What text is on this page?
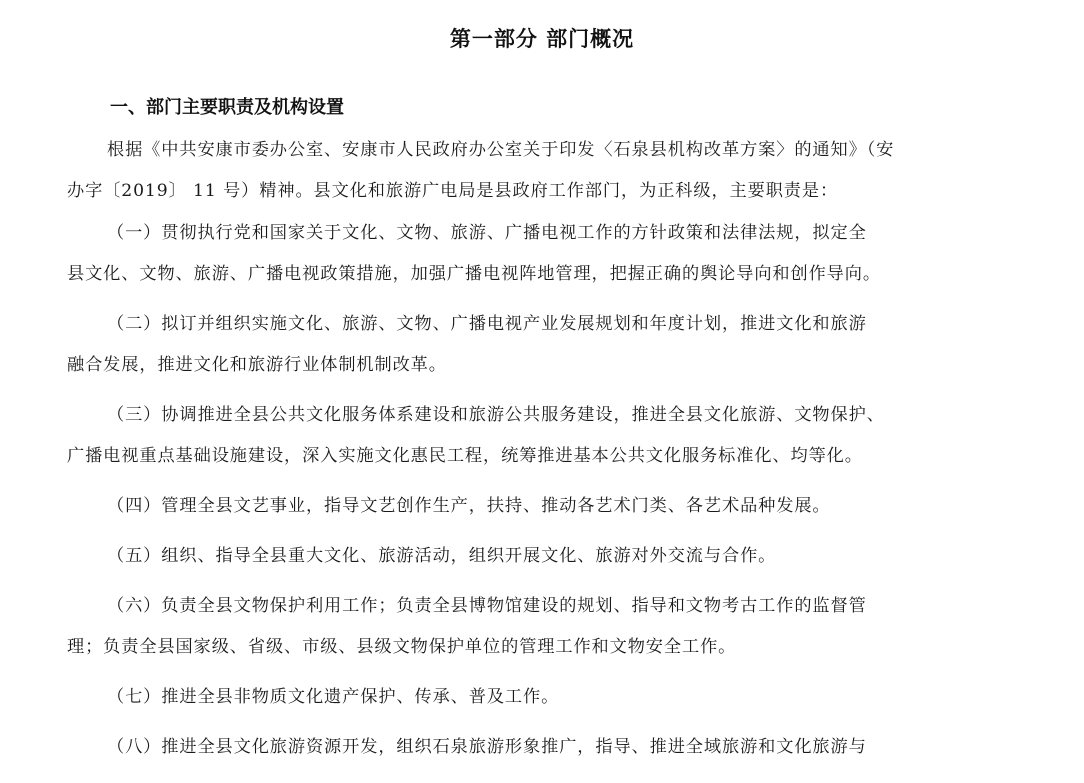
第一部分 部门概况
一、部门主要职责及机构设置
根据《中共安康市委办公室、安康市人民政府办公室关于印发〈石泉县机构改革方案〉的通知》（安
办字〔2019〕 11 号）精神。县文化和旅游广电局是县政府工作部门，为正科级，主要职责是：
（一）贯彻执行党和国家关于文化、文物、旅游、广播电视工作的方针政策和法律法规，拟定全
县文化、文物、旅游、广播电视政策措施，加强广播电视阵地管理，把握正确的舆论导向和创作导向。
（二）拟订并组织实施文化、旅游、文物、广播电视产业发展规划和年度计划，推进文化和旅游
融合发展，推进文化和旅游行业体制机制改革。
（三）协调推进全县公共文化服务体系建设和旅游公共服务建设，推进全县文化旅游、文物保护、
广播电视重点基础设施建设，深入实施文化惠民工程，统筹推进基本公共文化服务标准化、均等化。
（四）管理全县文艺事业，指导文艺创作生产，扶持、推动各艺术门类、各艺术品种发展。
（五）组织、指导全县重大文化、旅游活动，组织开展文化、旅游对外交流与合作。
（六）负责全县文物保护利用工作；负责全县博物馆建设的规划、指导和文物考古工作的监督管
理；负责全县国家级、省级、市级、县级文物保护单位的管理工作和文物安全工作。
（七）推进全县非物质文化遗产保护、传承、普及工作。
（八）推进全县文化旅游资源开发，组织石泉旅游形象推广，指导、推进全域旅游和文化旅游与
